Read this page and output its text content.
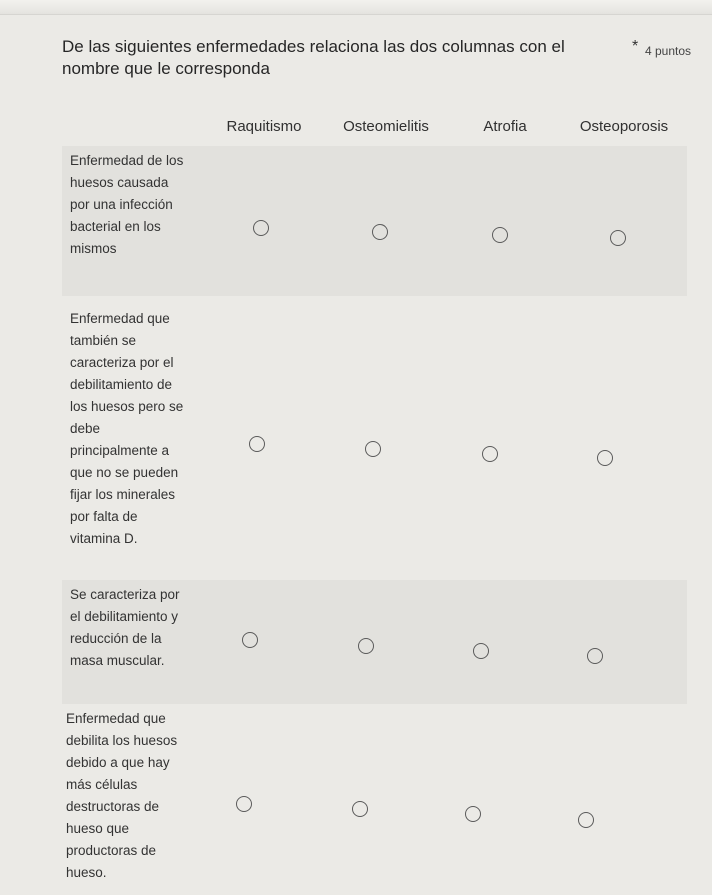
De las siguientes enfermedades relaciona las dos columnas con el nombre que le corresponda
* 4 puntos
Raquitismo	Osteomielitis	Atrofia	Osteoporosis
Enfermedad de los huesos causada por una infección bacterial en los mismos
Enfermedad que también se caracteriza por el debilitamiento de los huesos pero se debe principalmente a que no se pueden fijar los minerales por falta de vitamina D.
Se caracteriza por el debilitamiento y reducción de la masa muscular.
Enfermedad que debilita los huesos debido a que hay más células destructoras de hueso que productoras de hueso.
